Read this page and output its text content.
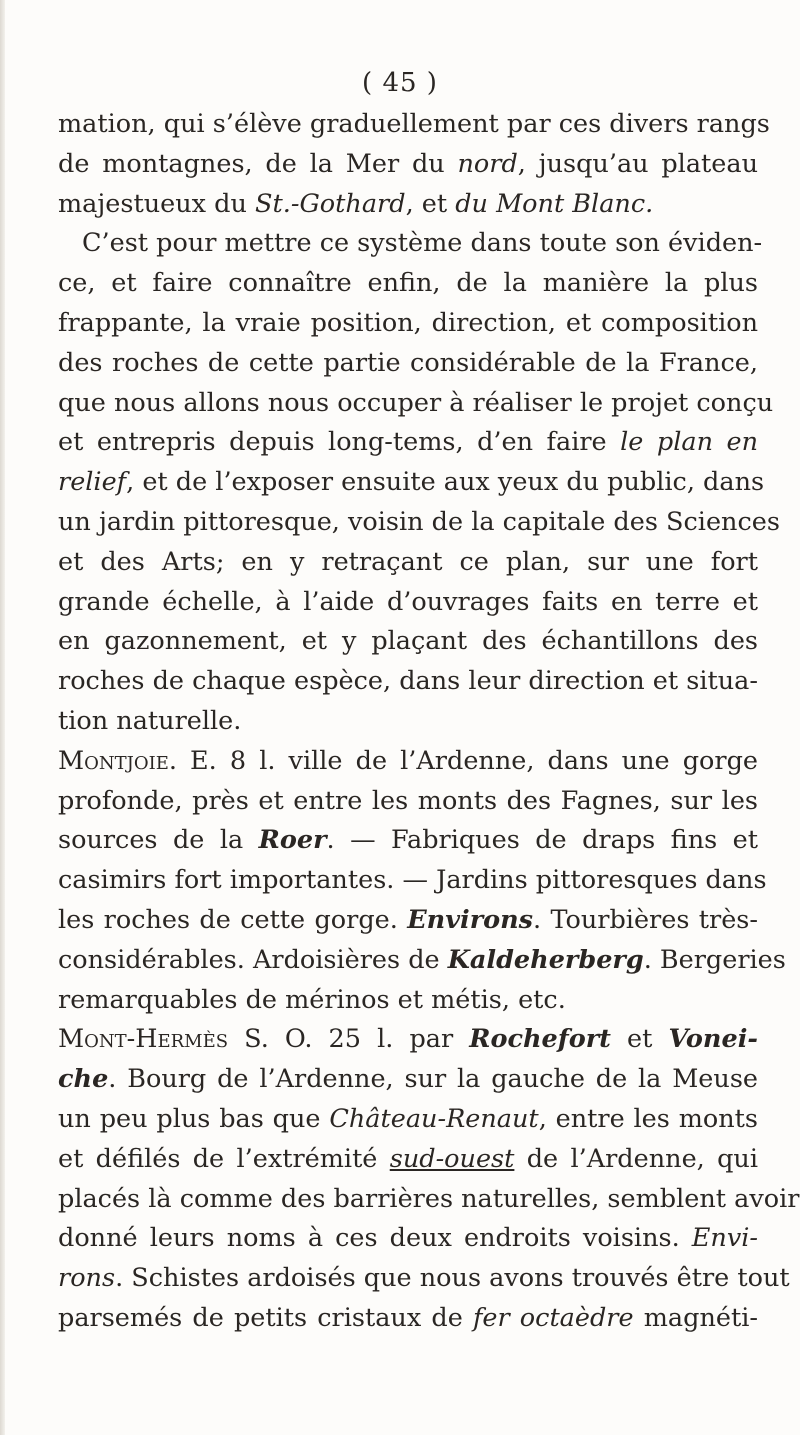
( 45 )
mation, qui s’élève graduellement par ces divers rangs
de montagnes, de la Mer du nord, jusqu’au plateau
majestueux du St.-Gothard, et du Mont Blanc.
C’est pour mettre ce système dans toute son éviden-
ce, et faire connaître enfin, de la manière la plus
frappante, la vraie position, direction, et composition
des roches de cette partie considérable de la France,
que nous allons nous occuper à réaliser le projet conçu
et entrepris depuis long-tems, d’en faire le plan en
relief, et de l’exposer ensuite aux yeux du public, dans
un jardin pittoresque, voisin de la capitale des Sciences
et des Arts; en y retraçant ce plan, sur une fort
grande échelle, à l’aide d’ouvrages faits en terre et
en gazonnement, et y plaçant des échantillons des
roches de chaque espèce, dans leur direction et situa-
tion naturelle.
Montjoie. E. 8 l. ville de l’Ardenne, dans une gorge
profonde, près et entre les monts des Fagnes, sur les
sources de la Roer. — Fabriques de draps fins et
casimirs fort importantes. — Jardins pittoresques dans
les roches de cette gorge. Environs. Tourbières très-
considérables. Ardoisières de Kaldeherberg. Bergeries
remarquables de mérinos et métis, etc.
Mont-Hermès S. O. 25 l. par Rochefort et Vonei-
che. Bourg de l’Ardenne, sur la gauche de la Meuse
un peu plus bas que Château-Renaut, entre les monts
et défilés de l’extrémité sud-ouest de l’Ardenne, qui
placés là comme des barrières naturelles, semblent avoir
donné leurs noms à ces deux endroits voisins. Envi-
rons. Schistes ardoisés que nous avons trouvés être tout
parsemés de petits cristaux de fer octaèdre magnéti-
